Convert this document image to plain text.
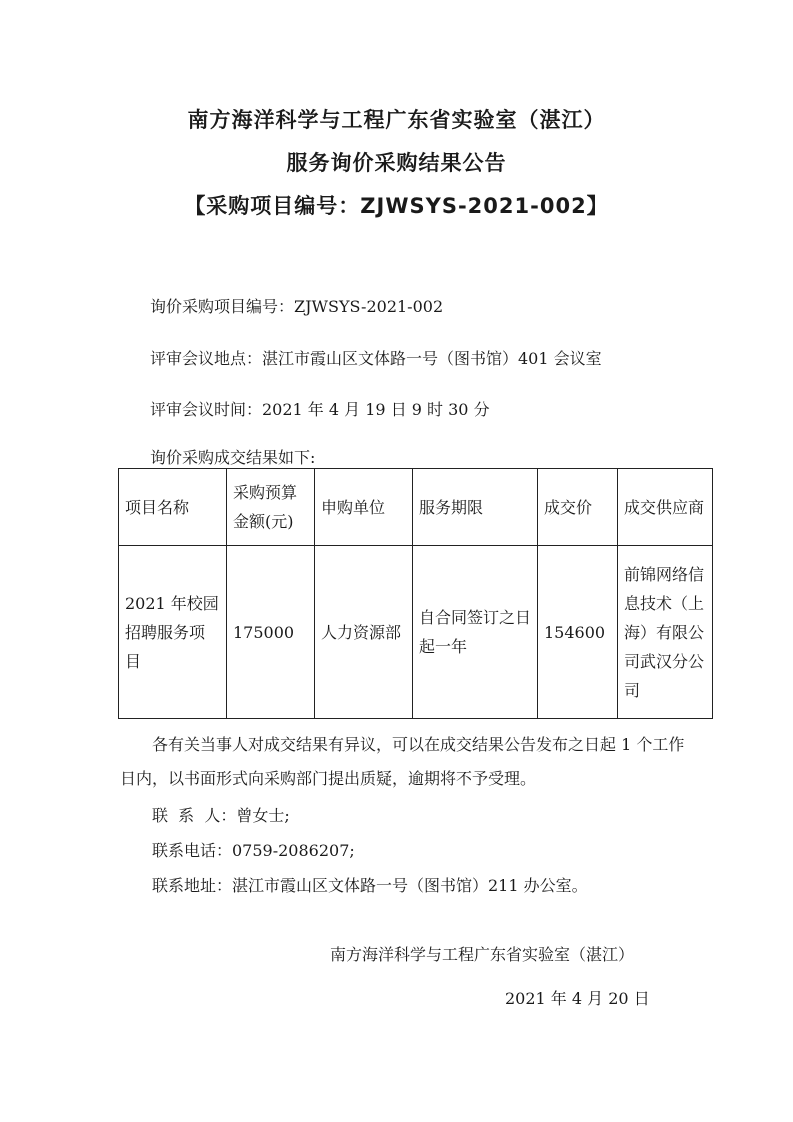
南方海洋科学与工程广东省实验室（湛江）
服务询价采购结果公告
【采购项目编号：ZJWSYS-2021-002】
询价采购项目编号：ZJWSYS-2021-002
评审会议地点：湛江市霞山区文体路一号（图书馆）401 会议室
评审会议时间：2021 年 4 月 19 日 9 时 30 分
询价采购成交结果如下:
项目名称	采购预算金额(元)	申购单位	服务期限	成交价	成交供应商
2021 年校园招聘服务项目	175000	人力资源部	自合同签订之日起一年	154600	前锦网络信息技术（上海）有限公司武汉分公司
各有关当事人对成交结果有异议，可以在成交结果公告发布之日起 1 个工作日内，以书面形式向采购部门提出质疑，逾期将不予受理。
联  系  人：曾女士;
联系电话：0759-2086207;
联系地址：湛江市霞山区文体路一号（图书馆）211 办公室。
南方海洋科学与工程广东省实验室（湛江）
2021 年 4 月 20 日
